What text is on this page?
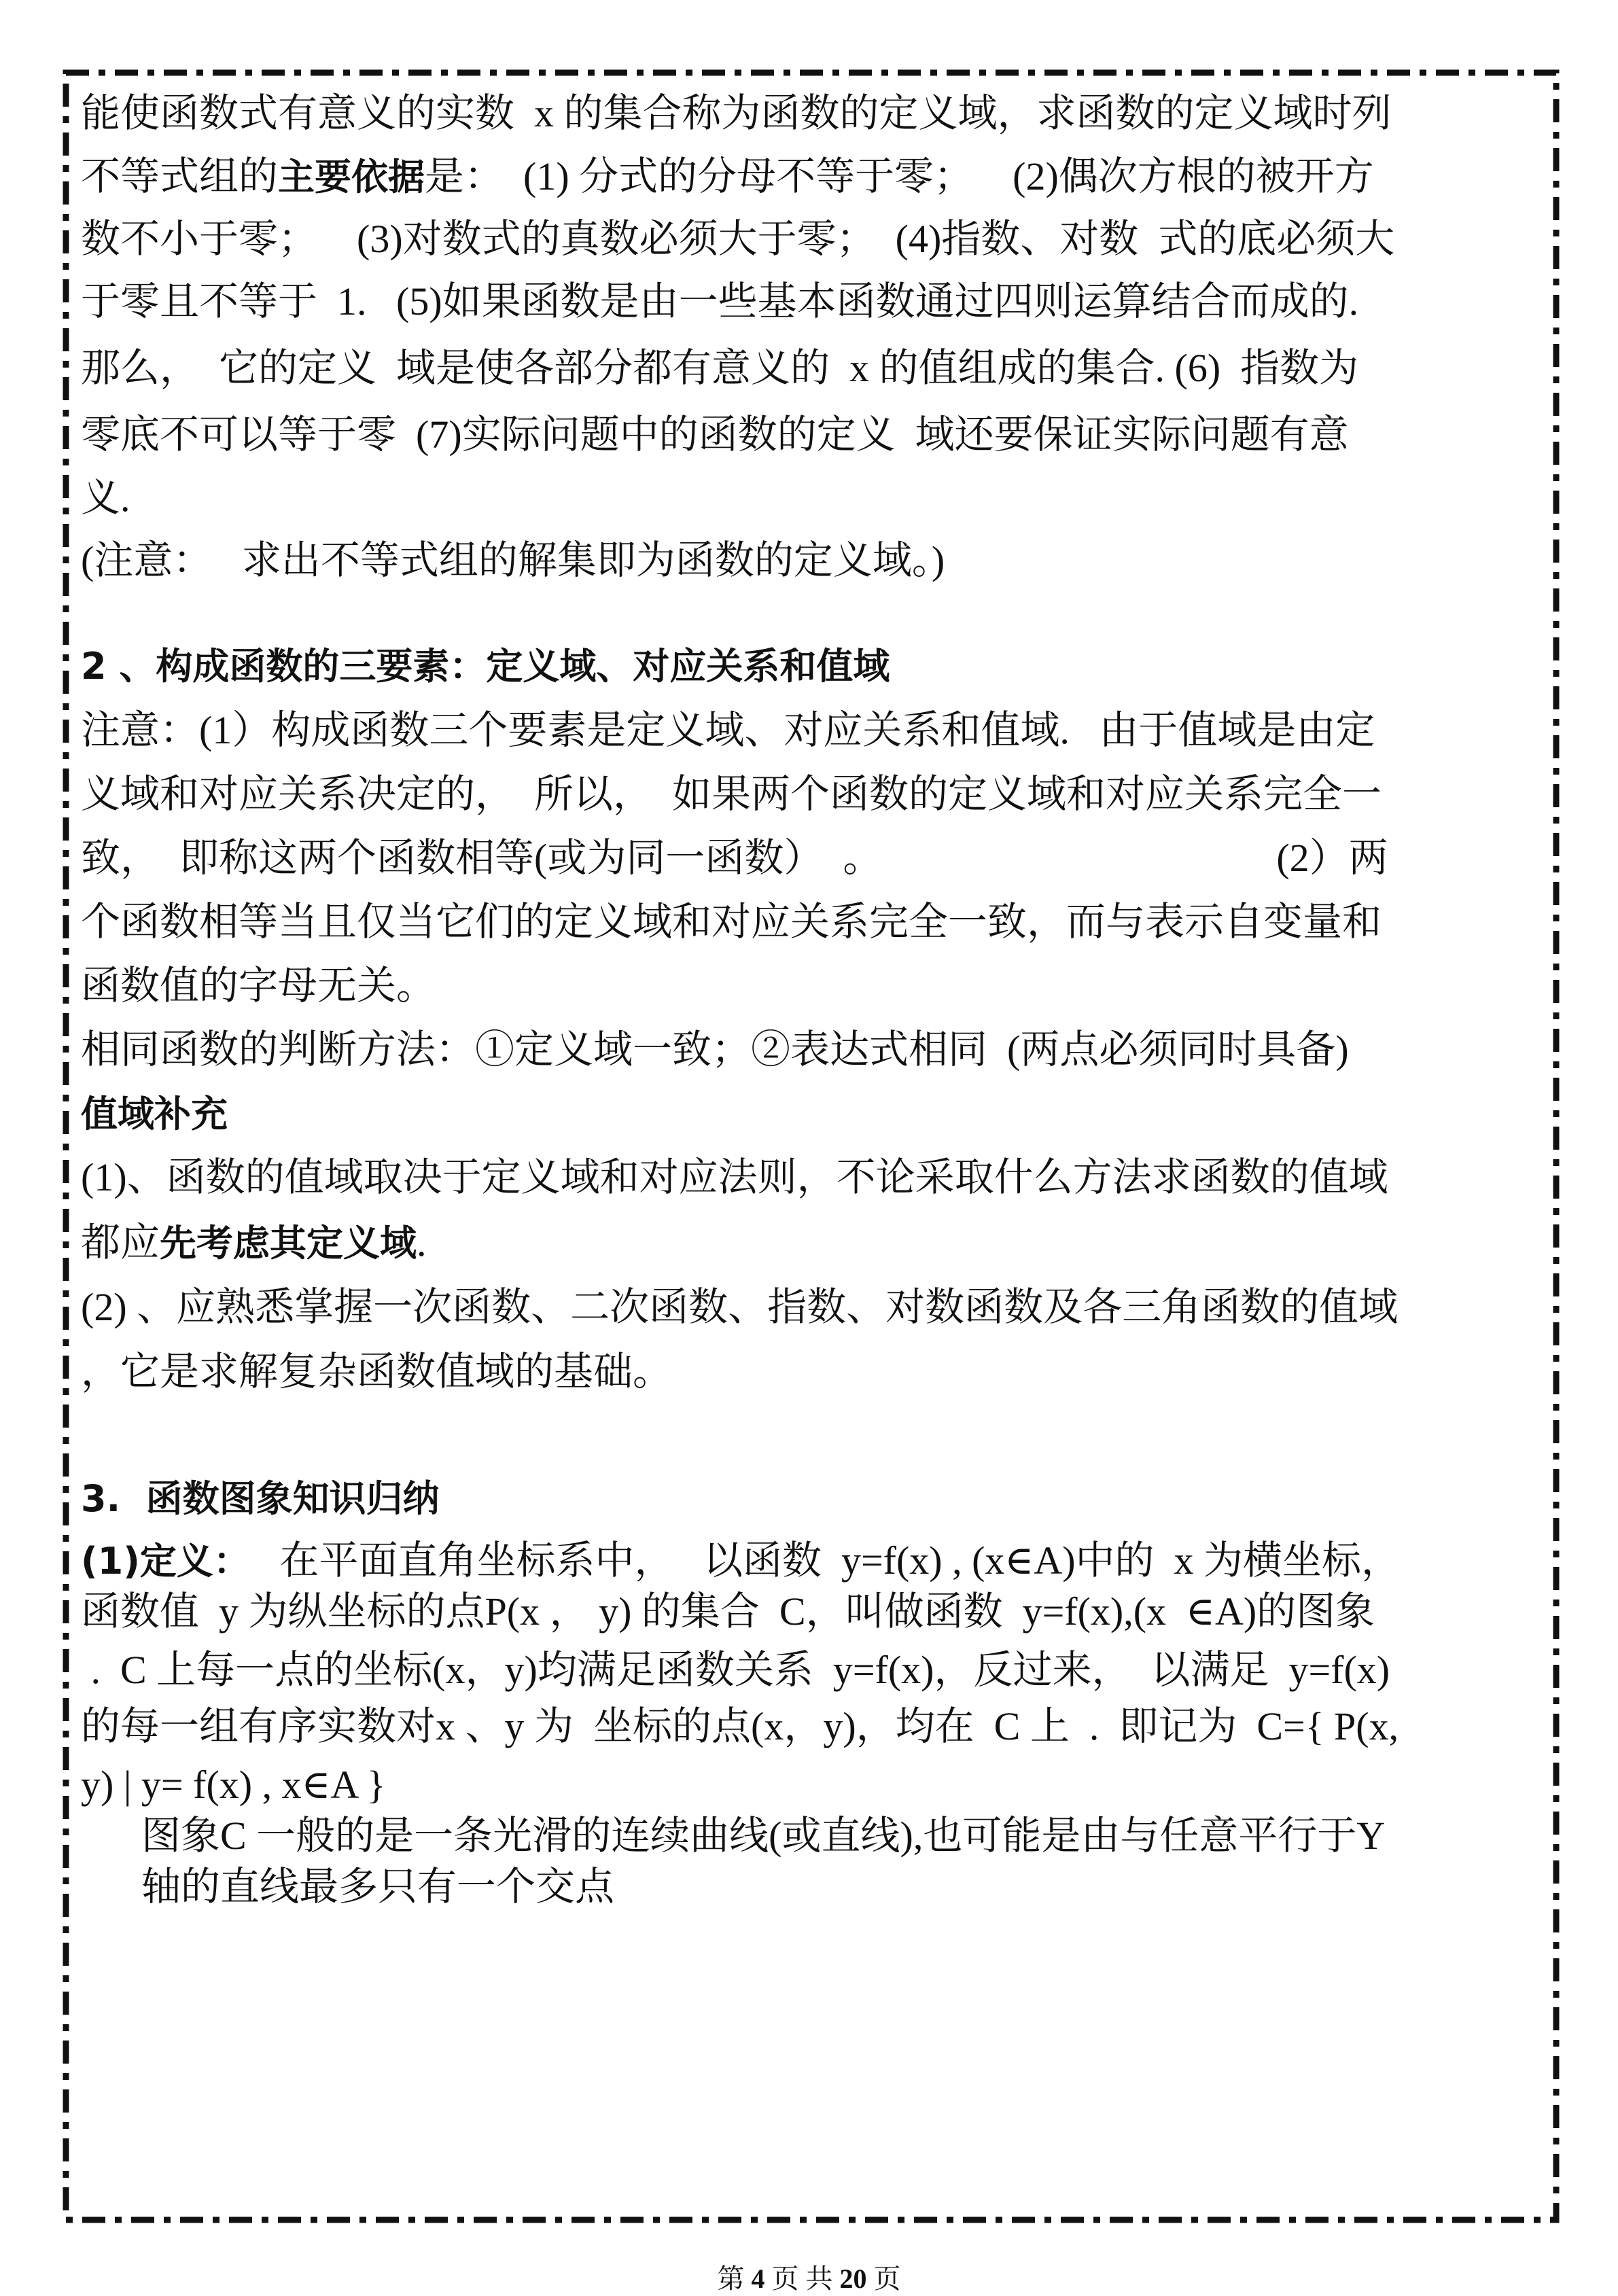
能使函数式有意义的实数  x 的集合称为函数的定义域，求函数的定义域时列
不等式组的主要依据是：  (1) 分式的分母不等于零；    (2)偶次方根的被开方
数不小于零；    (3)对数式的真数必须大于零；  (4)指数、对数  式的底必须大
于零且不等于  1.   (5)如果函数是由一些基本函数通过四则运算结合而成的.
那么，  它的定义  域是使各部分都有意义的  x 的值组成的集合. (6)  指数为
零底不可以等于零  (7)实际问题中的函数的定义  域还要保证实际问题有意
义.
(注意：   求出不等式组的解集即为函数的定义域。)
2 、构成函数的三要素：定义域、对应关系和值域
注意：(1）构成函数三个要素是定义域、对应关系和值域.   由于值域是由定
义域和对应关系决定的，  所以，  如果两个函数的定义域和对应关系完全一
致，  即称这两个函数相等(或为同一函数）  。                                        (2）两
个函数相等当且仅当它们的定义域和对应关系完全一致，而与表示自变量和
函数值的字母无关。
相同函数的判断方法：①定义域一致；②表达式相同  (两点必须同时具备)
值域补充
(1)、函数的值域取决于定义域和对应法则，不论采取什么方法求函数的值域
都应先考虑其定义域.
(2) 、应熟悉掌握一次函数、二次函数、指数、对数函数及各三角函数的值域
，它是求解复杂函数值域的基础。
3.  函数图象知识归纳
(1)定义：   在平面直角坐标系中，   以函数  y=f(x) , (x∈A)中的  x 为横坐标，
函数值  y 为纵坐标的点P(x ， y) 的集合  C，叫做函数  y=f(x),(x  ∈A)的图象
.  C 上每一点的坐标(x，y)均满足函数关系  y=f(x)，反过来，  以满足  y=f(x)
的每一组有序实数对x 、y 为  坐标的点(x，y)，均在  C 上  .  即记为  C={ P(x,
y) | y= f(x) , x∈A }
图象C 一般的是一条光滑的连续曲线(或直线),也可能是由与任意平行于Y
轴的直线最多只有一个交点
第 4 页 共 20 页
